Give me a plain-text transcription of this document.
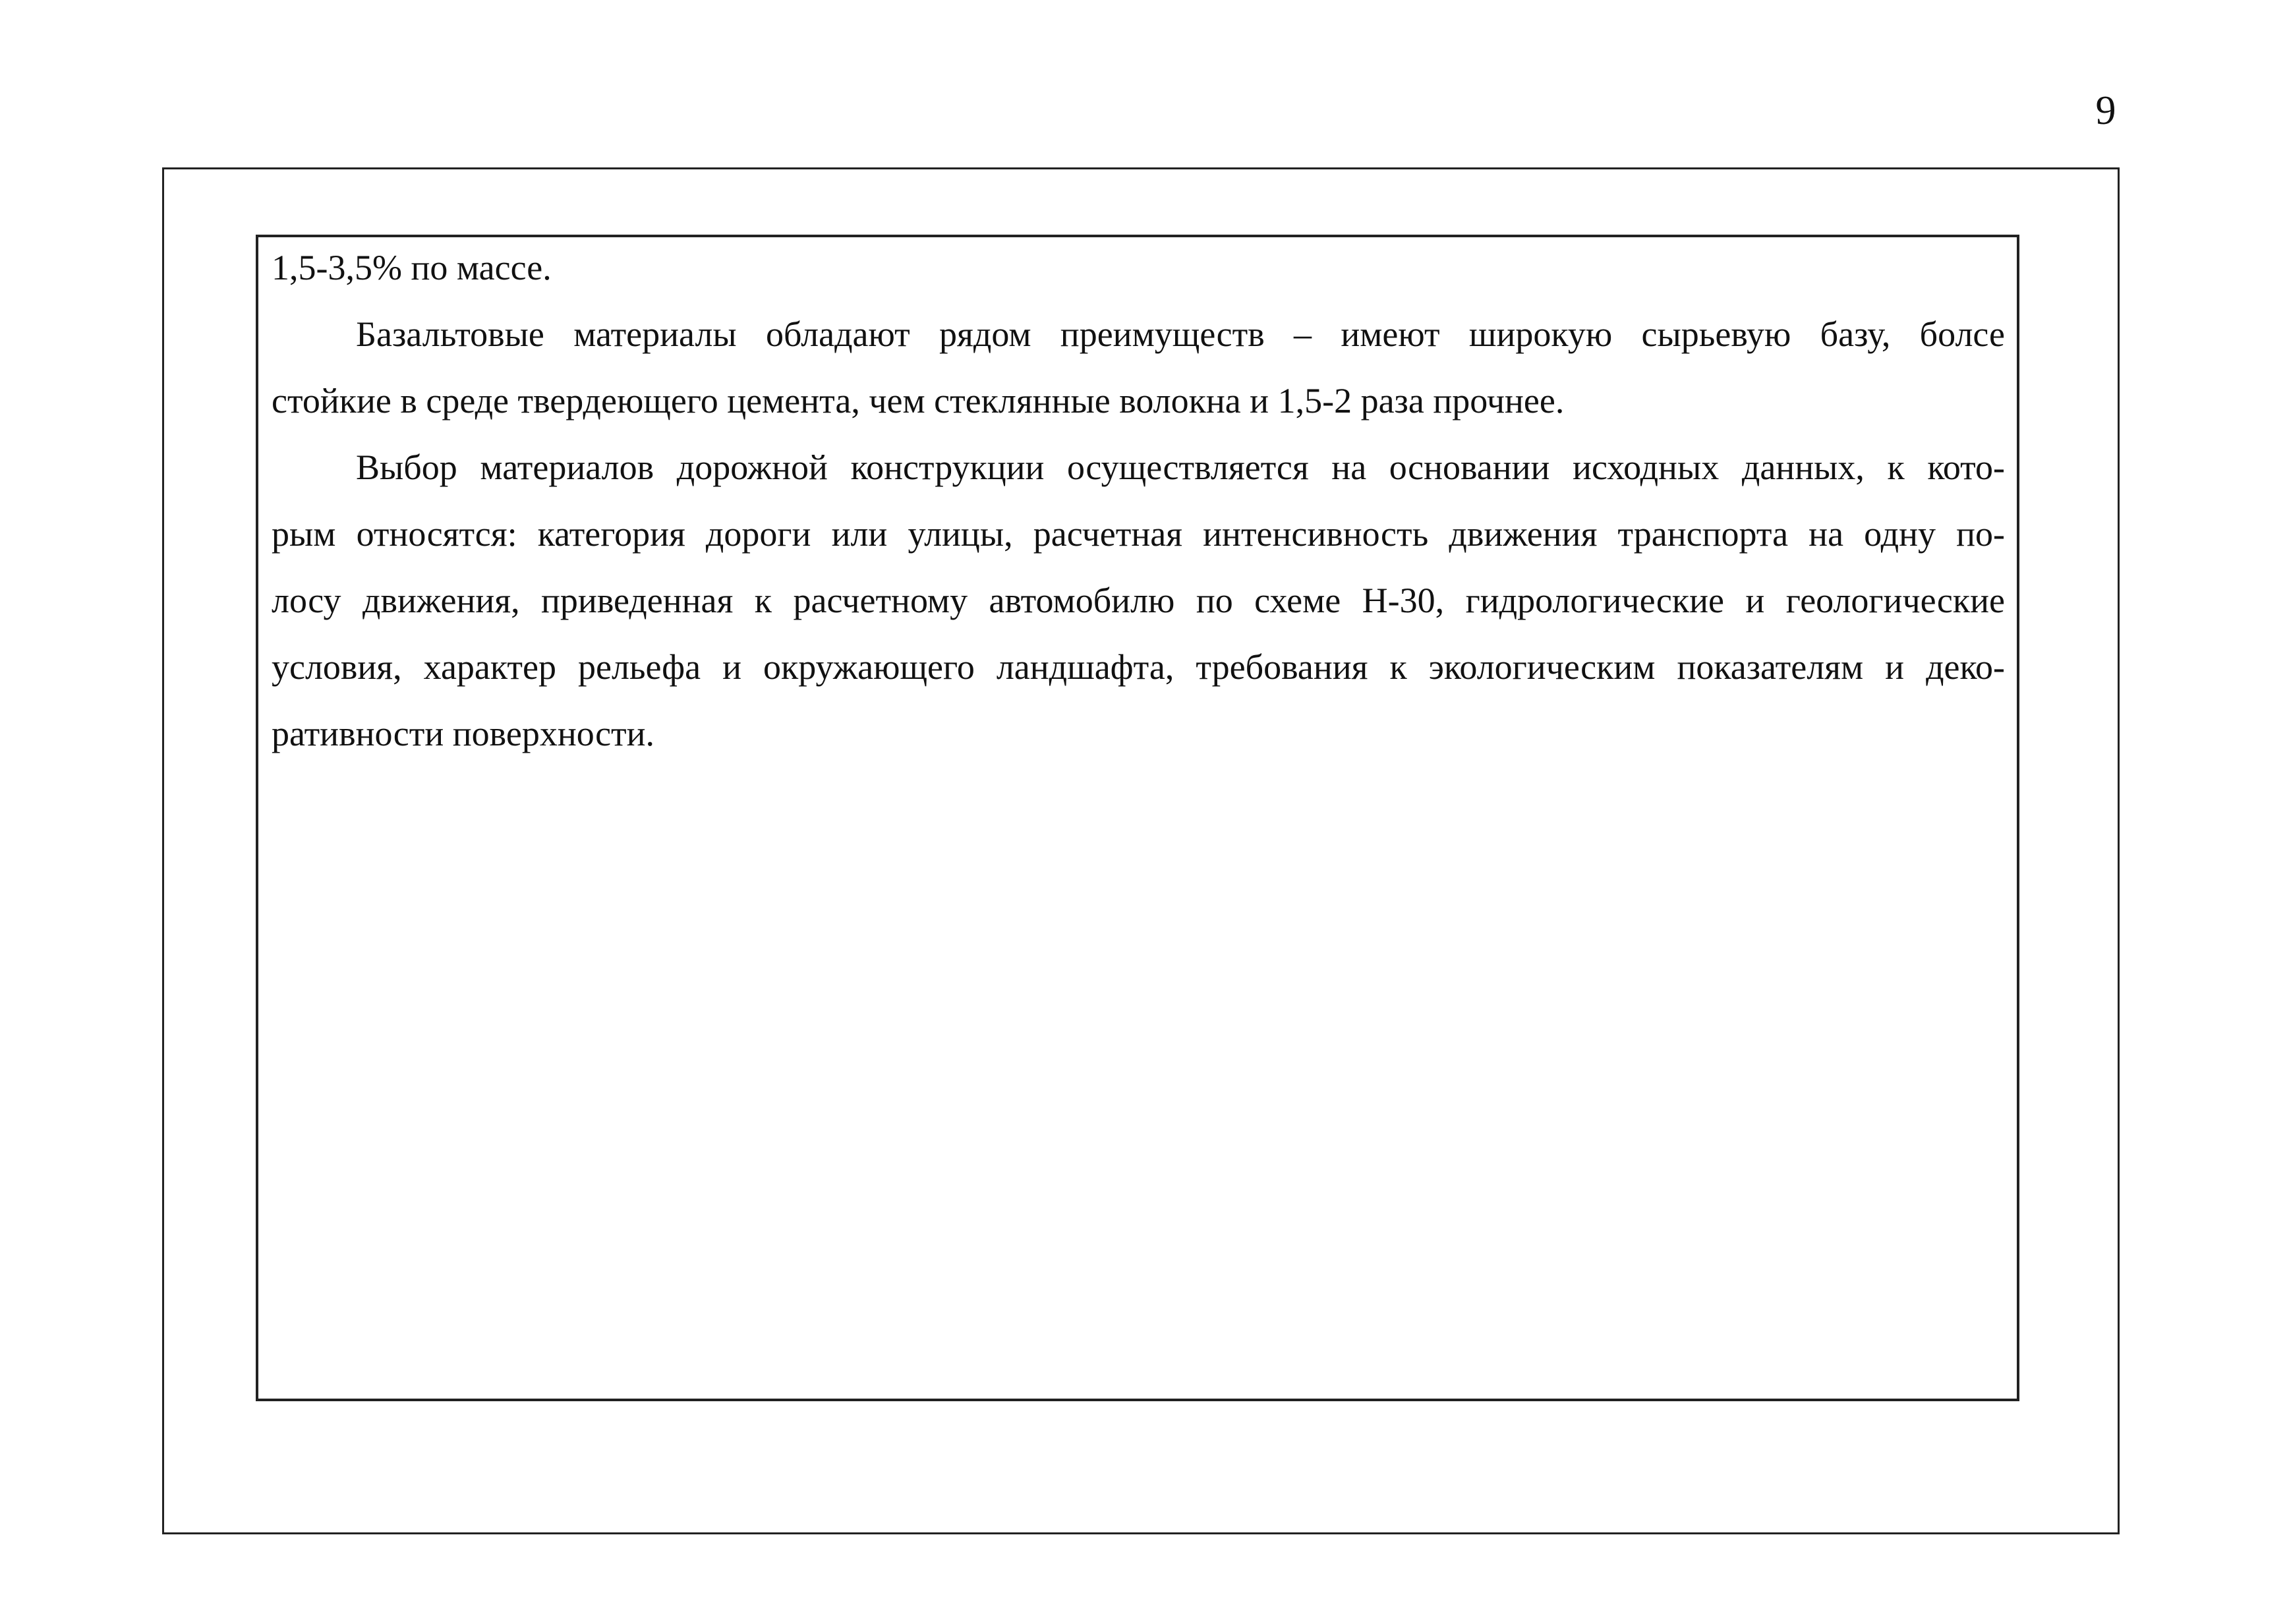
9
1,5-3,5% по массе.
Базальтовые материалы обладают рядом преимуществ – имеют широкую сырьевую базу, болсе
стойкие в среде твердеющего цемента, чем стеклянные волокна и 1,5-2 раза прочнее.
Выбор материалов дорожной конструкции осуществляется на основании исходных данных, к кото-
рым относятся: категория дороги или улицы, расчетная интенсивность движения транспорта на одну по-
лосу движения, приведенная к расчетному автомобилю по схеме Н-30, гидрологические и геологические
условия, характер рельефа и окружающего ландшафта, требования к экологическим показателям и деко-
ративности поверхности.
